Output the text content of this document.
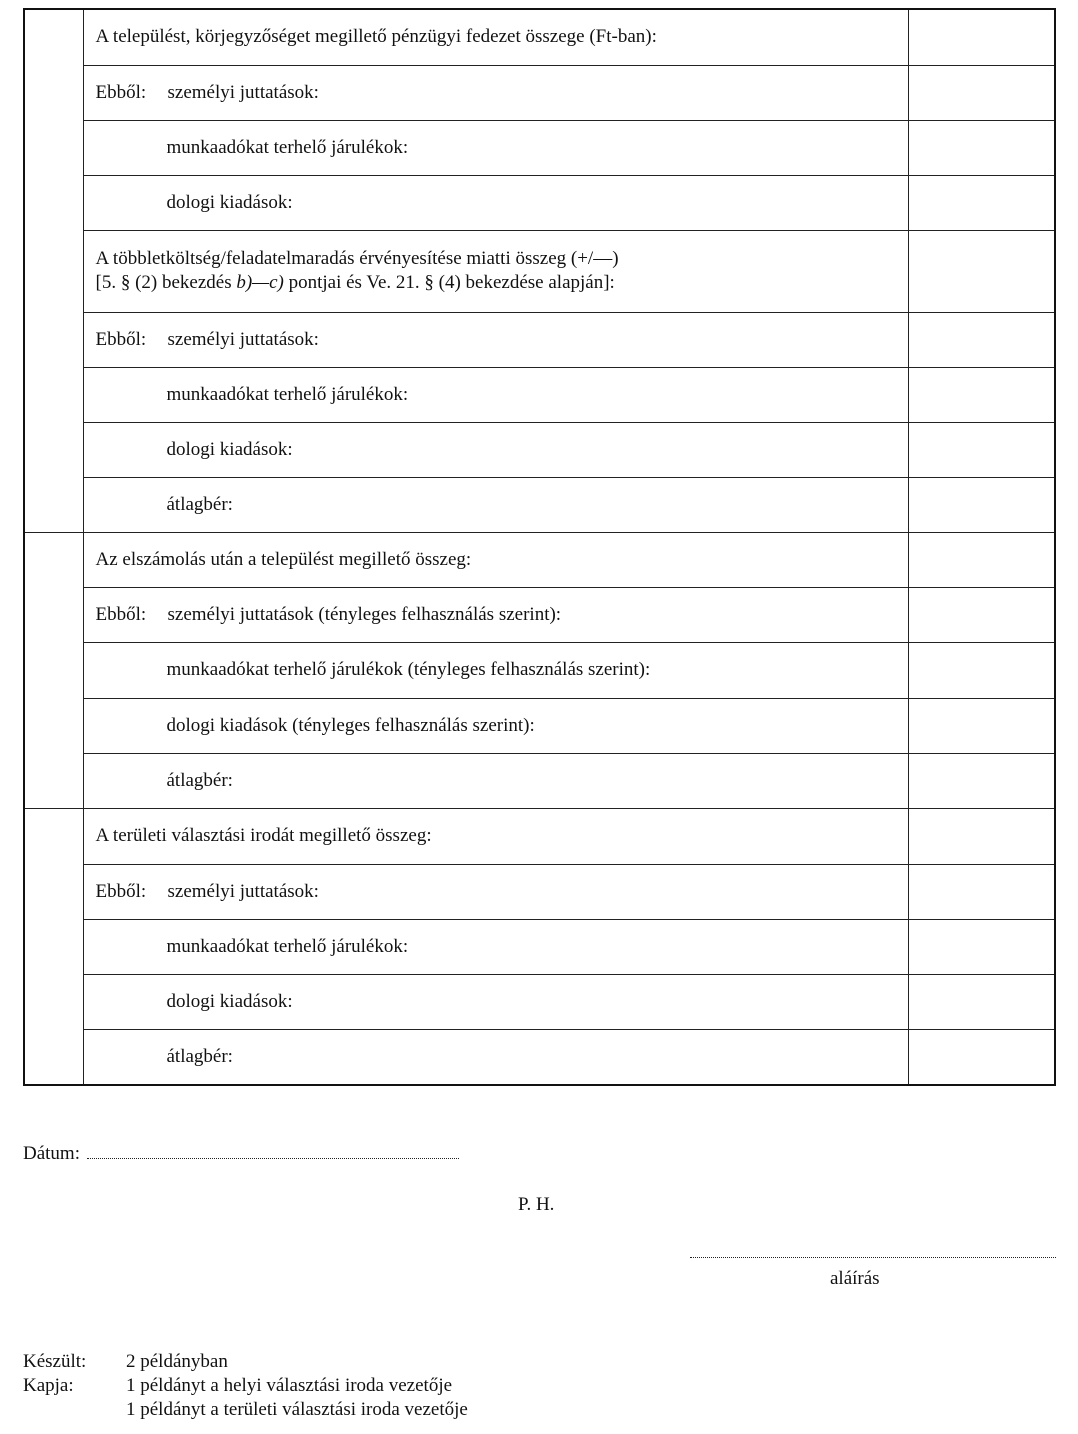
	A települést, körjegyzőséget megillető pénzügyi fedezet összege (Ft-ban):	
	Ebből: személyi juttatások:	
	munkaadókat terhelő járulékok:	
	dologi kiadások:	

	A többletköltség/feladatelmaradás érvényesítése miatti összeg (+/—)
[5. § (2) bekezdés b)—c) pontjai és Ve. 21. § (4) bekezdése alapján]:	

	Ebből: személyi juttatások:	
	munkaadókat terhelő járulékok:	
	dologi kiadások:	
	átlagbér:	
	Az elszámolás után a települést megillető összeg:	
	Ebből: személyi juttatások (tényleges felhasználás szerint):	
	munkaadókat terhelő járulékok (tényleges felhasználás szerint):	
	dologi kiadások (tényleges felhasználás szerint):	
	átlagbér:	
	A területi választási irodát megillető összeg:	
	Ebből: személyi juttatások:	
	munkaadókat terhelő járulékok:	
	dologi kiadások:	
	átlagbér:	
Dátum:
P. H.
aláírás
Készült:	2 példányban
Kapja:	1 példányt a helyi választási iroda vezetője
	1 példányt a területi választási iroda vezetője
